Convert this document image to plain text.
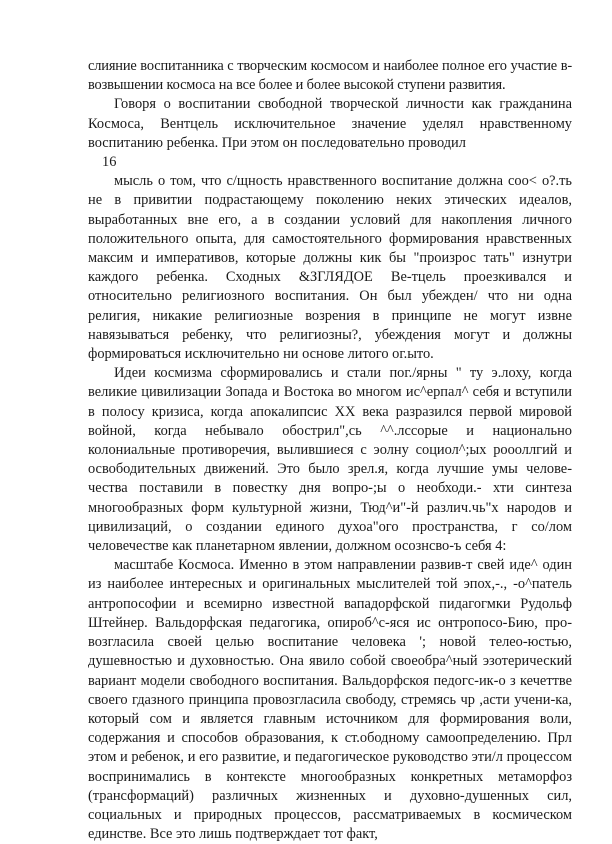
слияние воспитанника с творческим космосом и наиболее полное его участие в-возвышении космоса на все более и более высокой ступени развития.

Говоря о воспитании свободной творческой личности как гражданина Космоса, Вентцель исключительное значение уделял нравственному воспитанию ребенка. При этом он последовательно проводил

16

мысль о том, что с/щность нравственного воспитание должна соо< о?.ть не в привитии подрастающему поколению неких этических идеалов, выработанных вне его, а в создании условий для накопления личного положительного опыта, для самостоятельного формирования нравственных максим и императивов, которые должны кик бы "произрос тать" изнутри каждого ребенка. Сходных &ЗГЛЯДОЕ Ве-тцель проезкивался и относительно религиозного воспитания. Он был убежден/ что ни одна религия, никакие религиозные возрения в принципе не могут извне навязываться ребенку, что религиозны?, убеждения могут и должны формироваться исключительно ни основе литого ог.ыто.

Идеи космизма сформировались и стали пог./ярны " ту э.лоху, когда великие цивилизации Зопада и Востока во многом ис^ерпал^ себя и вступили в полосу кризиса, когда апокалипсис XX века разразился первой мировой войной, когда небывало обострил",сь ^^.лссорые и национально колониальные противоречия, вылившиеся с эолну социол^;ых роооллгий и освободительных движений. Это было зрел.я, когда лучшие умы челове-чества поставили в повестку дня вопро-;ы о необходи.- хти синтеза многообразных форм культурной жизни, Тюд^и"-й различ.чь"х народов и цивилизаций, о создании единого духоа"ого пространства, г со/лом человечестве как планетарном явлении, должном осознсво-ъ себя 4:

масштабе Космоса. Именно в этом направлении развив-т свей иде^ один из наиболее интересных и оригинальных мыслителей той эпох,-., -о^патель антропософии и всемирно известной вападорфской пидагогмки Рудольф Штейнер. Вальдорфская педагогика, опироб^с-яся ис онтропосо-Бию, про-возгласила своей целью воспитание человека '; новой телео-юстью, душевностью и духовностью. Она явило собой своеобра^ный эзотерический вариант модели свободного воспитания. Вальдорфскоя педогс-ик-о з кечеттве своего гдазного принципа провозгласила свободу, стремясь чр ,асти учени-ка, который сом и является главным источником для формирования воли, содержания и способов образования, к ст.ободному самоопределению. Прл этом и ребенок, и его развитие, и педагогическое руководство эти/л процессом воспринимались в контексте многообразных конкретных метаморфоз (трансформаций) различных жизненных и духовно-душенных сил, социальных и природных процессов, рассматриваемых в космическом единстве. Все это лишь подтверждает тот факт,
